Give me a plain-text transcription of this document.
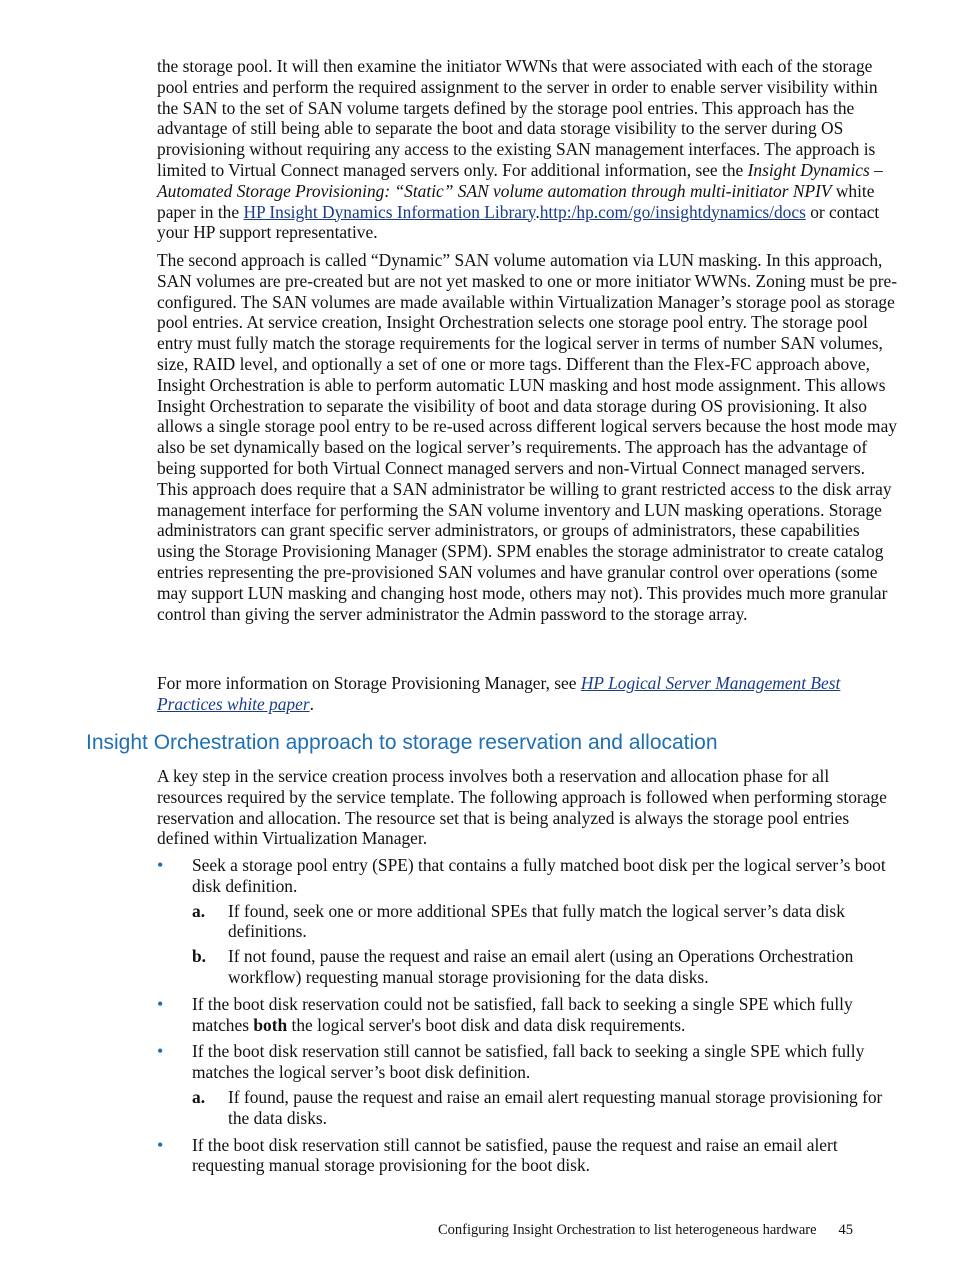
the storage pool. It will then examine the initiator WWNs that were associated with each of the storage pool entries and perform the required assignment to the server in order to enable server visibility within the SAN to the set of SAN volume targets defined by the storage pool entries. This approach has the advantage of still being able to separate the boot and data storage visibility to the server during OS provisioning without requiring any access to the existing SAN management interfaces. The approach is limited to Virtual Connect managed servers only. For additional information, see the Insight Dynamics – Automated Storage Provisioning: “Static” SAN volume automation through multi-initiator NPIV white paper in the HP Insight Dynamics Information Library.http:/hp.com/go/insightdynamics/docs or contact your HP support representative.

The second approach is called “Dynamic” SAN volume automation via LUN masking. In this approach, SAN volumes are pre-created but are not yet masked to one or more initiator WWNs. Zoning must be pre-configured. The SAN volumes are made available within Virtualization Manager’s storage pool as storage pool entries. At service creation, Insight Orchestration selects one storage pool entry. The storage pool entry must fully match the storage requirements for the logical server in terms of number SAN volumes, size, RAID level, and optionally a set of one or more tags. Different than the Flex-FC approach above, Insight Orchestration is able to perform automatic LUN masking and host mode assignment. This allows Insight Orchestration to separate the visibility of boot and data storage during OS provisioning. It also allows a single storage pool entry to be re-used across different logical servers because the host mode may also be set dynamically based on the logical server’s requirements. The approach has the advantage of being supported for both Virtual Connect managed servers and non-Virtual Connect managed servers. This approach does require that a SAN administrator be willing to grant restricted access to the disk array management interface for performing the SAN volume inventory and LUN masking operations. Storage administrators can grant specific server administrators, or groups of administrators, these capabilities using the Storage Provisioning Manager (SPM). SPM enables the storage administrator to create catalog entries representing the pre-provisioned SAN volumes and have granular control over operations (some may support LUN masking and changing host mode, others may not). This provides much more granular control than giving the server administrator the Admin password to the storage array.

For more information on Storage Provisioning Manager, see HP Logical Server Management Best Practices white paper.

Insight Orchestration approach to storage reservation and allocation

A key step in the service creation process involves both a reservation and allocation phase for all resources required by the service template. The following approach is followed when performing storage reservation and allocation. The resource set that is being analyzed is always the storage pool entries defined within Virtualization Manager.

• Seek a storage pool entry (SPE) that contains a fully matched boot disk per the logical server’s boot disk definition.
a. If found, seek one or more additional SPEs that fully match the logical server’s data disk definitions.
b. If not found, pause the request and raise an email alert (using an Operations Orchestration workflow) requesting manual storage provisioning for the data disks.
• If the boot disk reservation could not be satisfied, fall back to seeking a single SPE which fully matches both the logical server's boot disk and data disk requirements.
• If the boot disk reservation still cannot be satisfied, fall back to seeking a single SPE which fully matches the logical server’s boot disk definition.
a. If found, pause the request and raise an email alert requesting manual storage provisioning for the data disks.
• If the boot disk reservation still cannot be satisfied, pause the request and raise an email alert requesting manual storage provisioning for the boot disk.
Configuring Insight Orchestration to list heterogeneous hardware 45
